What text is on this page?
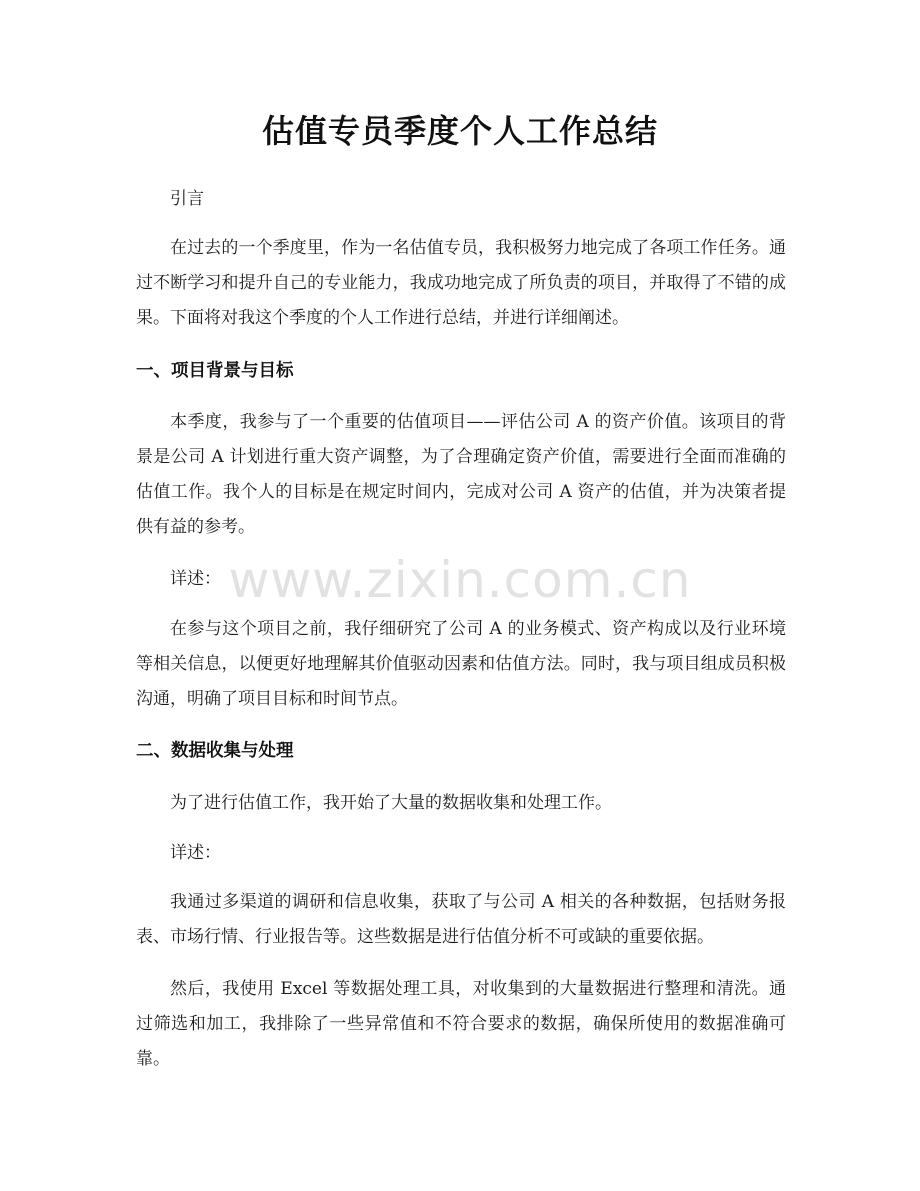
估值专员季度个人工作总结

引言

在过去的一个季度里，作为一名估值专员，我积极努力地完成了各项工作任务。通过不断学习和提升自己的专业能力，我成功地完成了所负责的项目，并取得了不错的成果。下面将对我这个季度的个人工作进行总结，并进行详细阐述。

一、项目背景与目标

本季度，我参与了一个重要的估值项目——评估公司 A 的资产价值。该项目的背景是公司 A 计划进行重大资产调整，为了合理确定资产价值，需要进行全面而准确的估值工作。我个人的目标是在规定时间内，完成对公司 A 资产的估值，并为决策者提供有益的参考。

详述：

在参与这个项目之前，我仔细研究了公司 A 的业务模式、资产构成以及行业环境等相关信息，以便更好地理解其价值驱动因素和估值方法。同时，我与项目组成员积极沟通，明确了项目目标和时间节点。

二、数据收集与处理

为了进行估值工作，我开始了大量的数据收集和处理工作。

详述：

我通过多渠道的调研和信息收集，获取了与公司 A 相关的各种数据，包括财务报表、市场行情、行业报告等。这些数据是进行估值分析不可或缺的重要依据。

然后，我使用 Excel 等数据处理工具，对收集到的大量数据进行整理和清洗。通过筛选和加工，我排除了一些异常值和不符合要求的数据，确保所使用的数据准确可靠。

www.zixin.com.cn
